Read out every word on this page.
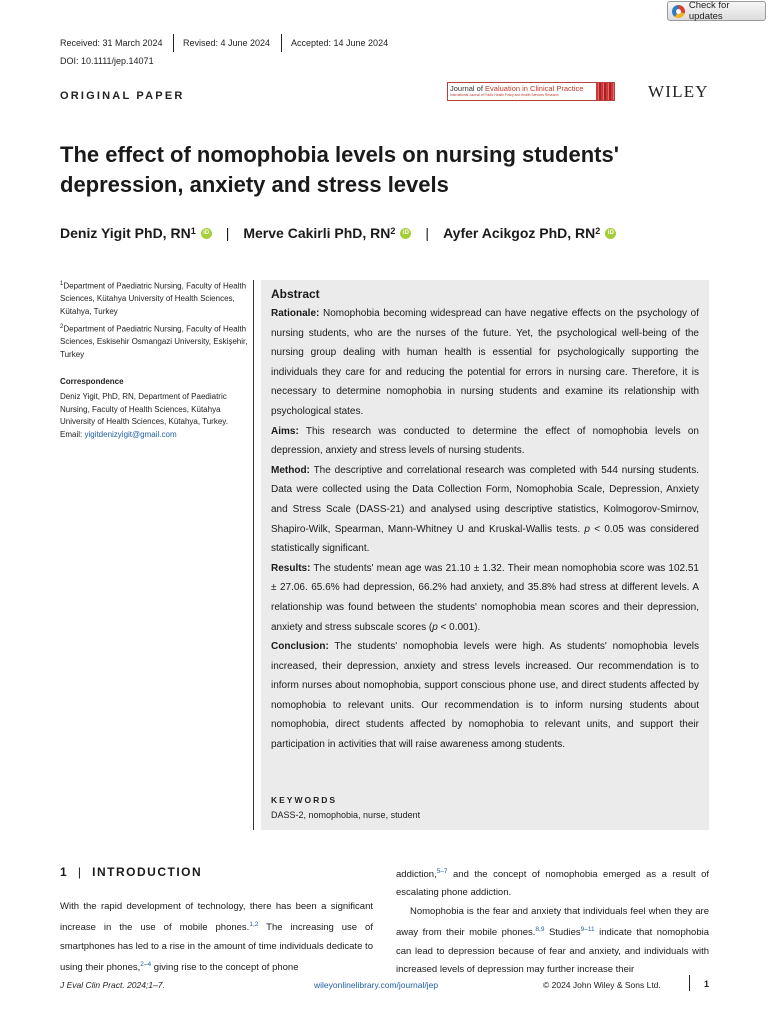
Check for updates
Received: 31 March 2024 Revised: 4 June 2024 Accepted: 14 June 2024
DOI: 10.1111/jep.14071
ORIGINAL PAPER
Journal of Evaluation in Clinical Practice
International Journal of Public Health Policy and Health Services Research	WILEY
The effect of nomophobia levels on nursing students' depression, anxiety and stress levels
Deniz Yigit PhD, $RN^1$	iD | Merve Cakirli PhD, $RN^2$	iD | Ayfer Acikgoz PhD, $RN^2$	iD
$^1$Department of Paediatric Nursing, Faculty of Health Sciences, Kütahya University of Health Sciences, Kütahya, Turkey
$^2$Department of Paediatric Nursing, Faculty of Health Sciences, Eskisehir Osmangazi University, Eskişehir, Turkey
Correspondence
Deniz Yigit, PhD, RN, Department of Paediatric Nursing, Faculty of Health Sciences, Kütahya University of Health Sciences, Kütahya, Turkey.
Email: yigitdenizyigit@gmail.com
Abstract

Rationale: Nomophobia becoming widespread can have negative effects on the psychology of nursing students, who are the nurses of the future. Yet, the psychological well-being of the nursing group dealing with human health is essential for psychologically supporting the individuals they care for and reducing the potential for errors in nursing care. Therefore, it is necessary to determine nomophobia in nursing students and examine its relationship with psychological states.

Aims: This research was conducted to determine the effect of nomophobia levels on depression, anxiety and stress levels of nursing students.

Method: The descriptive and correlational research was completed with 544 nursing students. Data were collected using the Data Collection Form, Nomophobia Scale, Depression, Anxiety and Stress Scale (DASS-21) and analysed using descriptive statistics, Kolmogorov-Smirnov, Shapiro-Wilk, Spearman, Mann-Whitney U and Kruskal-Wallis tests. p < 0.05 was considered statistically significant.

Results: The students' mean age was 21.10 ± 1.32. Their mean nomophobia score was 102.51 ± 27.06. 65.6% had depression, 66.2% had anxiety, and 35.8% had stress at different levels. A relationship was found between the students' nomophobia mean scores and their depression, anxiety and stress subscale scores (p < 0.001).

Conclusion: The students' nomophobia levels were high. As students' nomophobia levels increased, their depression, anxiety and stress levels increased. Our recommendation is to inform nurses about nomophobia, support conscious phone use, and direct students affected by nomophobia to relevant units. Our recommendation is to inform nursing students about nomophobia, direct students affected by nomophobia to relevant units, and support their participation in activities that will raise awareness among students.

KEYWORDS
DASS-2, nomophobia, nurse, student
1 | INTRODUCTION
With the rapid development of technology, there has been a significant increase in the use of mobile phones.$^{1,2}$ The increasing use of smartphones has led to a rise in the amount of time individuals dedicate to using their phones,$^{2-4}$ giving rise to the concept of phone
addiction,$^{5-7}$ and the concept of nomophobia emerged as a result of escalating phone addiction.
Nomophobia is the fear and anxiety that individuals feel when they are away from their mobile phones.$^{8,9}$ Studies$^{9-11}$ indicate that nomophobia can lead to depression because of fear and anxiety, and individuals with increased levels of depression may further increase their
J Eval Clin Pract. 2024;1–7.	wileyonlinelibrary.com/journal/jep	© 2024 John Wiley & Sons Ltd.	1
